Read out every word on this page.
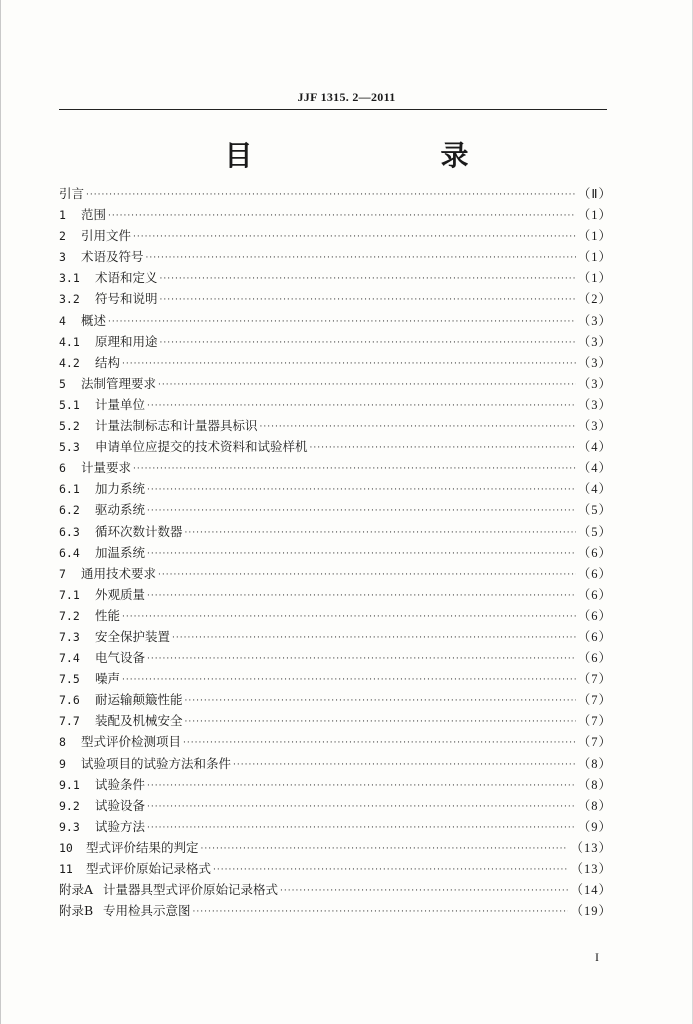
JJF 1315. 2—2011
目　　录
引言 ·····	（Ⅱ）
1	范围 ·····	（1）
2	引用文件 ·····	（1）
3	术语及符号 ·····	（1）
3.1	术语和定义 ·····	（1）
3.2	符号和说明 ·····	（2）
4	概述 ·····	（3）
4.1	原理和用途 ·····	（3）
4.2	结构 ·····	（3）
5	法制管理要求 ·····	（3）
5.1	计量单位 ·····	（3）
5.2	计量法制标志和计量器具标识 ·····	（3）
5.3	申请单位应提交的技术资料和试验样机 ·····	（4）
6	计量要求 ·····	（4）
6.1	加力系统 ·····	（4）
6.2	驱动系统 ·····	（5）
6.3	循环次数计数器 ·····	（5）
6.4	加温系统 ·····	（6）
7	通用技术要求 ·····	（6）
7.1	外观质量 ·····	（6）
7.2	性能 ·····	（6）
7.3	安全保护装置 ·····	（6）
7.4	电气设备 ·····	（6）
7.5	噪声 ·····	（7）
7.6	耐运输颠簸性能 ·····	（7）
7.7	装配及机械安全 ·····	（7）
8	型式评价检测项目 ·····	（7）
9	试验项目的试验方法和条件 ·····	（8）
9.1	试验条件 ·····	（8）
9.2	试验设备 ·····	（8）
9.3	试验方法 ·····	（9）
10	型式评价结果的判定 ·····	（13）
11	型式评价原始记录格式 ·····	（13）
附录A 计量器具型式评价原始记录格式 ·····	（14）
附录B 专用检具示意图 ·····	（19）
I
